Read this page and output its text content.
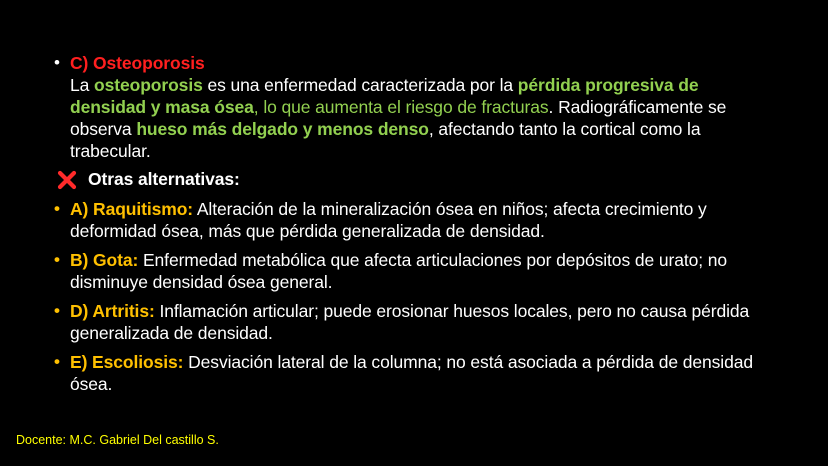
• C) Osteoporosis
La osteoporosis es una enfermedad caracterizada por la pérdida progresiva de densidad y masa ósea, lo que aumenta el riesgo de fracturas. Radiográficamente se observa hueso más delgado y menos denso, afectando tanto la cortical como la trabecular.
Otras alternativas:
• A) Raquitismo: Alteración de la mineralización ósea en niños; afecta crecimiento y deformidad ósea, más que pérdida generalizada de densidad.
• B) Gota: Enfermedad metabólica que afecta articulaciones por depósitos de urato; no disminuye densidad ósea general.
• D) Artritis: Inflamación articular; puede erosionar huesos locales, pero no causa pérdida generalizada de densidad.
• E) Escoliosis: Desviación lateral de la columna; no está asociada a pérdida de densidad ósea.
Docente: M.C. Gabriel Del castillo S.
